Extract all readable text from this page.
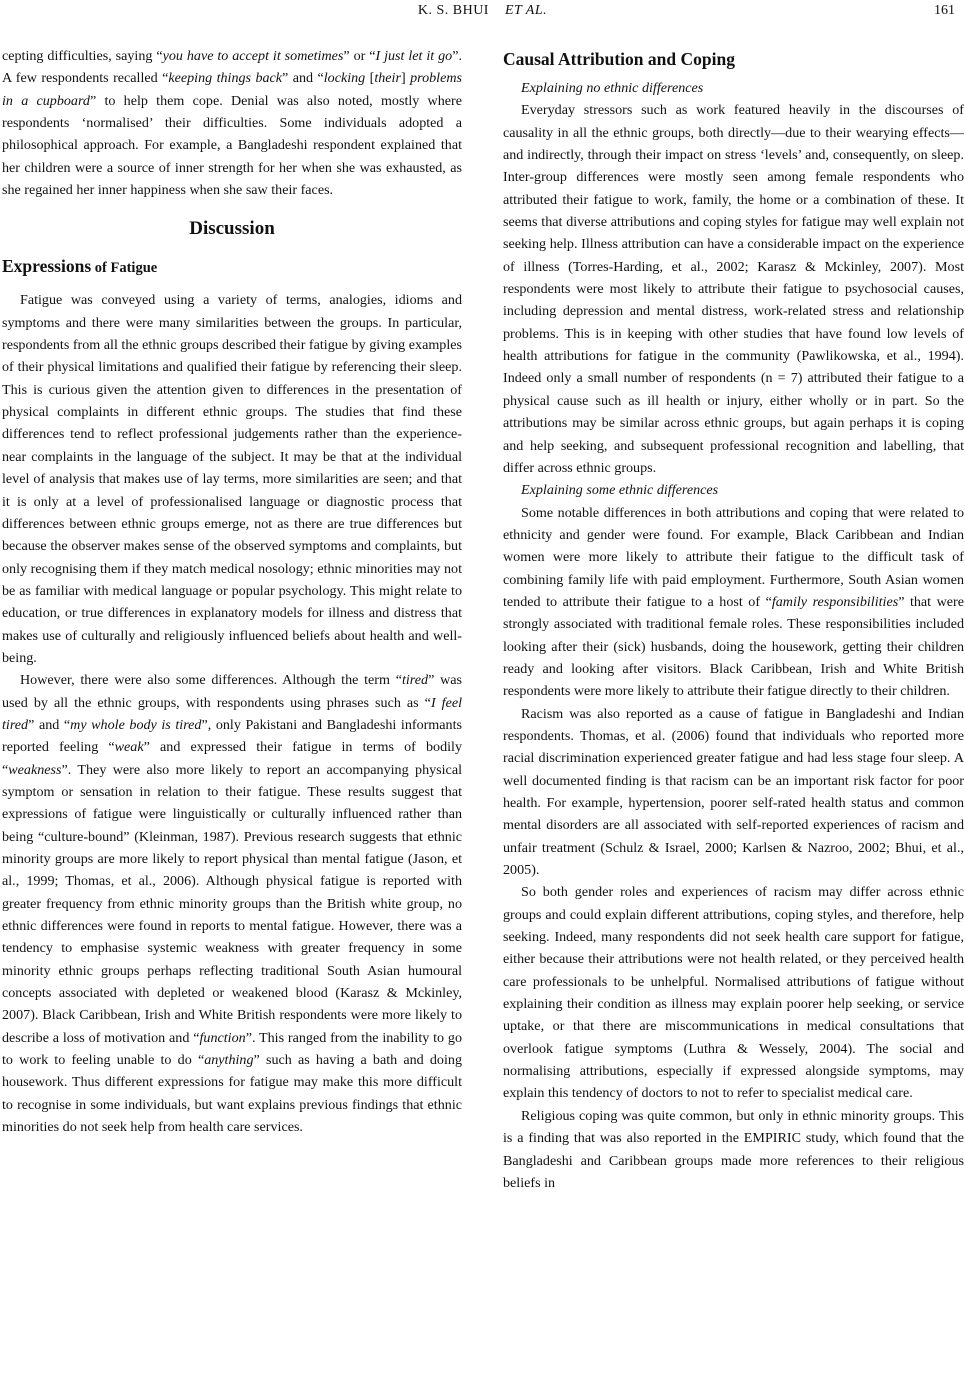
K. S. BHUI ET AL.	161

cepting difficulties, saying “you have to accept it sometimes” or “I just let it go”. A few respondents recalled “keeping things back” and “locking [their] problems in a cupboard” to help them cope. Denial was also noted, mostly where respondents ‘normalised’ their difficulties. Some individuals adopted a philosophical approach. For example, a Bangladeshi respondent explained that her children were a source of inner strength for her when she was exhausted, as she regained her inner happiness when she saw their faces.

Discussion
Expressions of Fatigue

Fatigue was conveyed using a variety of terms, analogies, idioms and symptoms and there were many similarities between the groups. In particular, respondents from all the ethnic groups described their fatigue by giving examples of their physical limitations and qualified their fatigue by referencing their sleep. This is curious given the attention given to differences in the presentation of physical complaints in different ethnic groups. The studies that find these differences tend to reflect professional judgements rather than the experience-near complaints in the language of the subject. It may be that at the individual level of analysis that makes use of lay terms, more similarities are seen; and that it is only at a level of professionalised language or diagnostic process that differences between ethnic groups emerge, not as there are true differences but because the observer makes sense of the observed symptoms and complaints, but only recognising them if they match medical nosology; ethnic minorities may not be as familiar with medical language or popular psychology. This might relate to education, or true differences in explanatory models for illness and distress that makes use of culturally and religiously influenced beliefs about health and well-being.

However, there were also some differences. Although the term “tired” was used by all the ethnic groups, with respondents using phrases such as “I feel tired” and “my whole body is tired”, only Pakistani and Bangladeshi informants reported feeling “weak” and expressed their fatigue in terms of bodily “weakness”. They were also more likely to report an accompanying physical symptom or sensation in relation to their fatigue. These results suggest that expressions of fatigue were linguistically or culturally influenced rather than being “culture-bound” (Kleinman, 1987). Previous research suggests that ethnic minority groups are more likely to report physical than mental fatigue (Jason, et al., 1999; Thomas, et al., 2006). Although physical fatigue is reported with greater frequency from ethnic minority groups than the British white group, no ethnic differences were found in reports to mental fatigue. However, there was a tendency to emphasise systemic weakness with greater frequency in some minority ethnic groups perhaps reflecting traditional South Asian humoural concepts associated with depleted or weakened blood (Karasz & Mckinley, 2007). Black Caribbean, Irish and White British respondents were more likely to describe a loss of motivation and “function”. This ranged from the inability to go to work to feeling unable to do “anything” such as having a bath and doing housework. Thus different expressions for fatigue may make this more difficult to recognise in some individuals, but want explains previous findings that ethnic minorities do not seek help from health care services.

Causal Attribution and Coping

Explaining no ethnic differences

Everyday stressors such as work featured heavily in the discourses of causality in all the ethnic groups, both directly—due to their wearying effects—and indirectly, through their impact on stress ‘levels’ and, consequently, on sleep. Inter-group differences were mostly seen among female respondents who attributed their fatigue to work, family, the home or a combination of these. It seems that diverse attributions and coping styles for fatigue may well explain not seeking help. Illness attribution can have a considerable impact on the experience of illness (Torres-Harding, et al., 2002; Karasz & Mckinley, 2007). Most respondents were most likely to attribute their fatigue to psychosocial causes, including depression and mental distress, work-related stress and relationship problems. This is in keeping with other studies that have found low levels of health attributions for fatigue in the community (Pawlikowska, et al., 1994). Indeed only a small number of respondents (n = 7) attributed their fatigue to a physical cause such as ill health or injury, either wholly or in part. So the attributions may be similar across ethnic groups, but again perhaps it is coping and help seeking, and subsequent professional recognition and labelling, that differ across ethnic groups.

Explaining some ethnic differences

Some notable differences in both attributions and coping that were related to ethnicity and gender were found. For example, Black Caribbean and Indian women were more likely to attribute their fatigue to the difficult task of combining family life with paid employment. Furthermore, South Asian women tended to attribute their fatigue to a host of “family responsibilities” that were strongly associated with traditional female roles. These responsibilities included looking after their (sick) husbands, doing the housework, getting their children ready and looking after visitors. Black Caribbean, Irish and White British respondents were more likely to attribute their fatigue directly to their children.

Racism was also reported as a cause of fatigue in Bangladeshi and Indian respondents. Thomas, et al. (2006) found that individuals who reported more racial discrimination experienced greater fatigue and had less stage four sleep. A well documented finding is that racism can be an important risk factor for poor health. For example, hypertension, poorer self-rated health status and common mental disorders are all associated with self-reported experiences of racism and unfair treatment (Schulz & Israel, 2000; Karlsen & Nazroo, 2002; Bhui, et al., 2005).

So both gender roles and experiences of racism may differ across ethnic groups and could explain different attributions, coping styles, and therefore, help seeking. Indeed, many respondents did not seek health care support for fatigue, either because their attributions were not health related, or they perceived health care professionals to be unhelpful. Normalised attributions of fatigue without explaining their condition as illness may explain poorer help seeking, or service uptake, or that there are miscommunications in medical consultations that overlook fatigue symptoms (Luthra & Wessely, 2004). The social and normalising attributions, especially if expressed alongside symptoms, may explain this tendency of doctors to not to refer to specialist medical care.

Religious coping was quite common, but only in ethnic minority groups. This is a finding that was also reported in the EMPIRIC study, which found that the Bangladeshi and Caribbean groups made more references to their religious beliefs in
